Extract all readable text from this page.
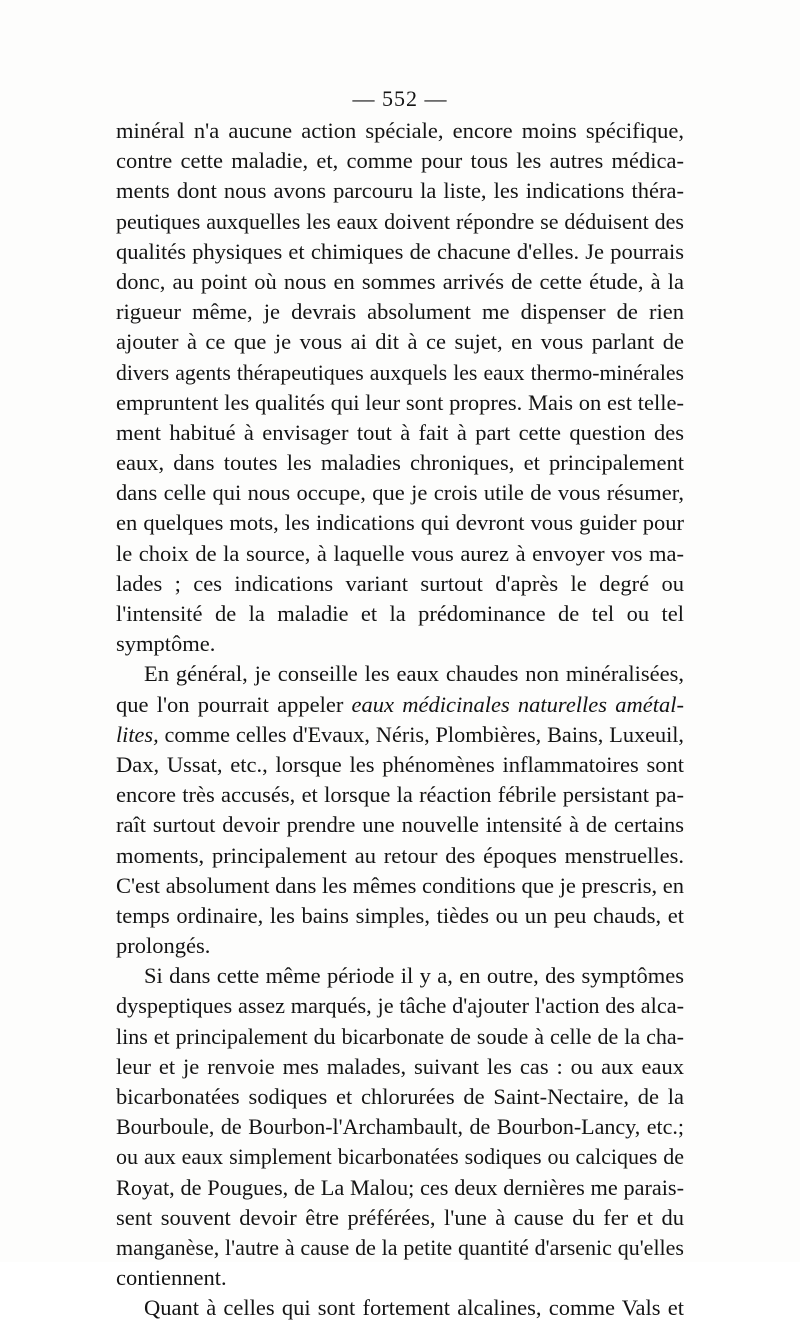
— 552 —
minéral n'a aucune action spéciale, encore moins spécifique,
contre cette maladie, et, comme pour tous les autres médica-
ments dont nous avons parcouru la liste, les indications théra-
peutiques auxquelles les eaux doivent répondre se déduisent des
qualités physiques et chimiques de chacune d'elles. Je pourrais
donc, au point où nous en sommes arrivés de cette étude, à la
rigueur même, je devrais absolument me dispenser de rien
ajouter à ce que je vous ai dit à ce sujet, en vous parlant de
divers agents thérapeutiques auxquels les eaux thermo-minérales
empruntent les qualités qui leur sont propres. Mais on est telle-
ment habitué à envisager tout à fait à part cette question des
eaux, dans toutes les maladies chroniques, et principalement
dans celle qui nous occupe, que je crois utile de vous résumer,
en quelques mots, les indications qui devront vous guider pour
le choix de la source, à laquelle vous aurez à envoyer vos ma-
lades ; ces indications variant surtout d'après le degré ou
l'intensité de la maladie et la prédominance de tel ou tel
symptôme.
En général, je conseille les eaux chaudes non minéralisées,
que l'on pourrait appeler eaux médicinales naturelles amétal-
lites, comme celles d'Evaux, Néris, Plombières, Bains, Luxeuil,
Dax, Ussat, etc., lorsque les phénomènes inflammatoires sont
encore très accusés, et lorsque la réaction fébrile persistant pa-
raît surtout devoir prendre une nouvelle intensité à de certains
moments, principalement au retour des époques menstruelles.
C'est absolument dans les mêmes conditions que je prescris, en
temps ordinaire, les bains simples, tièdes ou un peu chauds, et
prolongés.
Si dans cette même période il y a, en outre, des symptômes
dyspeptiques assez marqués, je tâche d'ajouter l'action des alca-
lins et principalement du bicarbonate de soude à celle de la cha-
leur et je renvoie mes malades, suivant les cas : ou aux eaux
bicarbonatées sodiques et chlorurées de Saint-Nectaire, de la
Bourboule, de Bourbon-l'Archambault, de Bourbon-Lancy, etc.;
ou aux eaux simplement bicarbonatées sodiques ou calciques de
Royat, de Pougues, de La Malou; ces deux dernières me parais-
sent souvent devoir être préférées, l'une à cause du fer et du
manganèse, l'autre à cause de la petite quantité d'arsenic qu'elles
contiennent.
Quant à celles qui sont fortement alcalines, comme Vals et
